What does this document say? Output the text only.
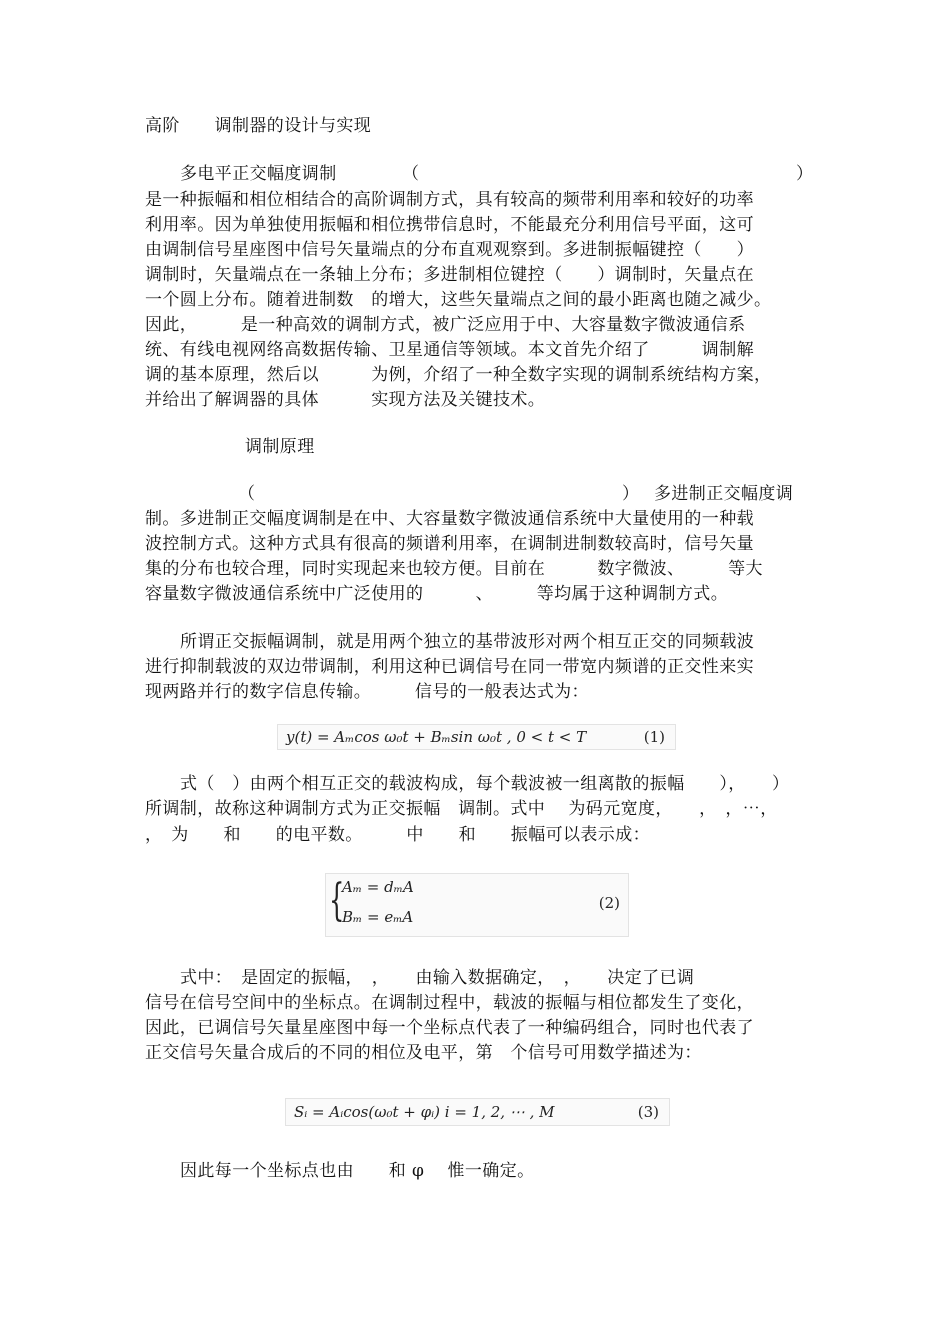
高阶　　调制器的设计与实现
多电平正交幅度调制	（	）
是一种振幅和相位相结合的高阶调制方式，具有较高的频带利用率和较好的功率
利用率。因为单独使用振幅和相位携带信息时，不能最充分利用信号平面，这可
由调制信号星座图中信号矢量端点的分布直观观察到。多进制振幅键控（　　）
调制时，矢量端点在一条轴上分布；多进制相位键控（　　）调制时，矢量点在
一个圆上分布。随着进制数　的增大，这些矢量端点之间的最小距离也随之减少。
因此，　　　是一种高效的调制方式，被广泛应用于中、大容量数字微波通信系
统、有线电视网络高数据传输、卫星通信等领域。本文首先介绍了　　　调制解
调的基本原理，然后以　　　为例，介绍了一种全数字实现的调制系统结构方案，
并给出了解调器的具体　　　实现方法及关键技术。
调制原理
（	） 多进制正交幅度调
制。多进制正交幅度调制是在中、大容量数字微波通信系统中大量使用的一种载
波控制方式。这种方式具有很高的频谱利用率，在调制进制数较高时，信号矢量
集的分布也较合理，同时实现起来也较方便。目前在　　　数字微波、　　　等大
容量数字微波通信系统中广泛使用的　　　、　　　等均属于这种调制方式。
所谓正交振幅调制，就是用两个独立的基带波形对两个相互正交的同频载波
进行抑制载波的双边带调制，利用这种已调信号在同一带宽内频谱的正交性来实
现两路并行的数字信息传输。　　　信号的一般表达式为：
y(t) = Aₘcos ω₀t + Bₘsin ω₀t , 0 < t < T	(1)
式（　）由两个相互正交的载波构成，每个载波被一组离散的振幅　　），　　）
所调制，故称这种调制方式为正交振幅　调制。式中　 为码元宽度，　　，　，⋯，
，　为　　和　　的电平数。　　　中　　和　　振幅可以表示成：
{
Aₘ = dₘA
Bₘ = eₘA
(2)
式中：　是固定的振幅，　，　　由输入数据确定，　，　　决定了已调
信号在信号空间中的坐标点。在调制过程中，载波的振幅与相位都发生了变化，
因此，已调信号矢量星座图中每一个坐标点代表了一种编码组合，同时也代表了
正交信号矢量合成后的不同的相位及电平，第　个信号可用数学描述为：
Sᵢ = Aᵢcos(ω₀t + φᵢ) i = 1, 2, ⋯ , M	(3)
因此每一个坐标点也由　　和 φ　 惟一确定。
